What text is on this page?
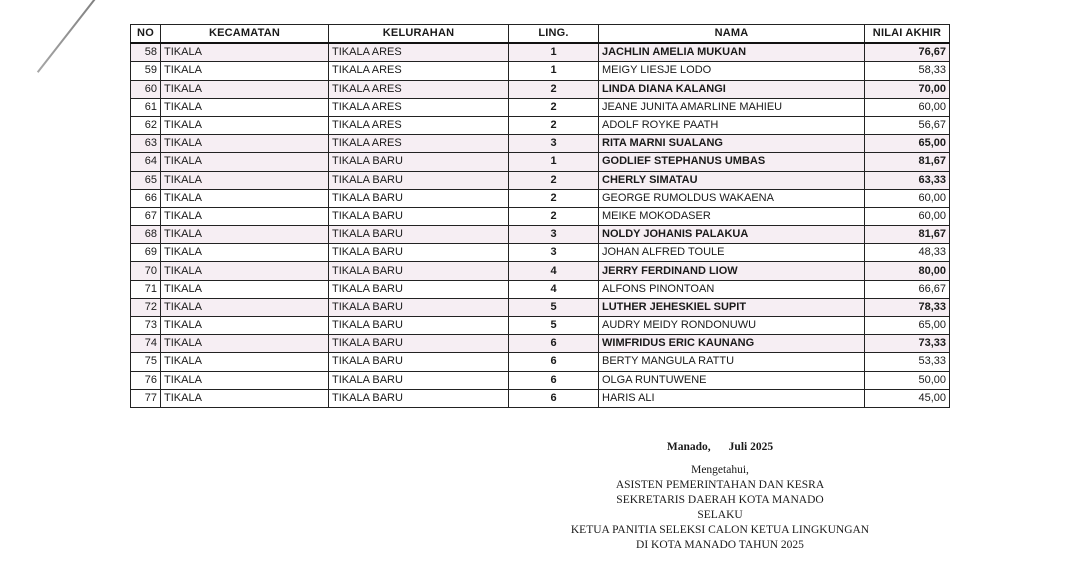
NO	KECAMATAN	KELURAHAN	LING.	NAMA	NILAI AKHIR
58	TIKALA	TIKALA ARES	1	JACHLIN AMELIA MUKUAN	76,67
59	TIKALA	TIKALA ARES	1	MEIGY LIESJE LODO	58,33
60	TIKALA	TIKALA ARES	2	LINDA DIANA KALANGI	70,00
61	TIKALA	TIKALA ARES	2	JEANE JUNITA AMARLINE MAHIEU	60,00
62	TIKALA	TIKALA ARES	2	ADOLF ROYKE PAATH	56,67
63	TIKALA	TIKALA ARES	3	RITA MARNI SUALANG	65,00
64	TIKALA	TIKALA BARU	1	GODLIEF STEPHANUS UMBAS	81,67
65	TIKALA	TIKALA BARU	2	CHERLY SIMATAU	63,33
66	TIKALA	TIKALA BARU	2	GEORGE RUMOLDUS WAKAENA	60,00
67	TIKALA	TIKALA BARU	2	MEIKE MOKODASER	60,00
68	TIKALA	TIKALA BARU	3	NOLDY JOHANIS PALAKUA	81,67
69	TIKALA	TIKALA BARU	3	JOHAN ALFRED TOULE	48,33
70	TIKALA	TIKALA BARU	4	JERRY FERDINAND LIOW	80,00
71	TIKALA	TIKALA BARU	4	ALFONS PINONTOAN	66,67
72	TIKALA	TIKALA BARU	5	LUTHER JEHESKIEL SUPIT	78,33
73	TIKALA	TIKALA BARU	5	AUDRY MEIDY RONDONUWU	65,00
74	TIKALA	TIKALA BARU	6	WIMFRIDUS ERIC KAUNANG	73,33
75	TIKALA	TIKALA BARU	6	BERTY MANGULA RATTU	53,33
76	TIKALA	TIKALA BARU	6	OLGA RUNTUWENE	50,00
77	TIKALA	TIKALA BARU	6	HARIS ALI	45,00
Manado, Juli 2025
Mengetahui,
ASISTEN PEMERINTAHAN DAN KESRA
SEKRETARIS DAERAH KOTA MANADO
SELAKU
KETUA PANITIA SELEKSI CALON KETUA LINGKUNGAN
DI KOTA MANADO TAHUN 2025
